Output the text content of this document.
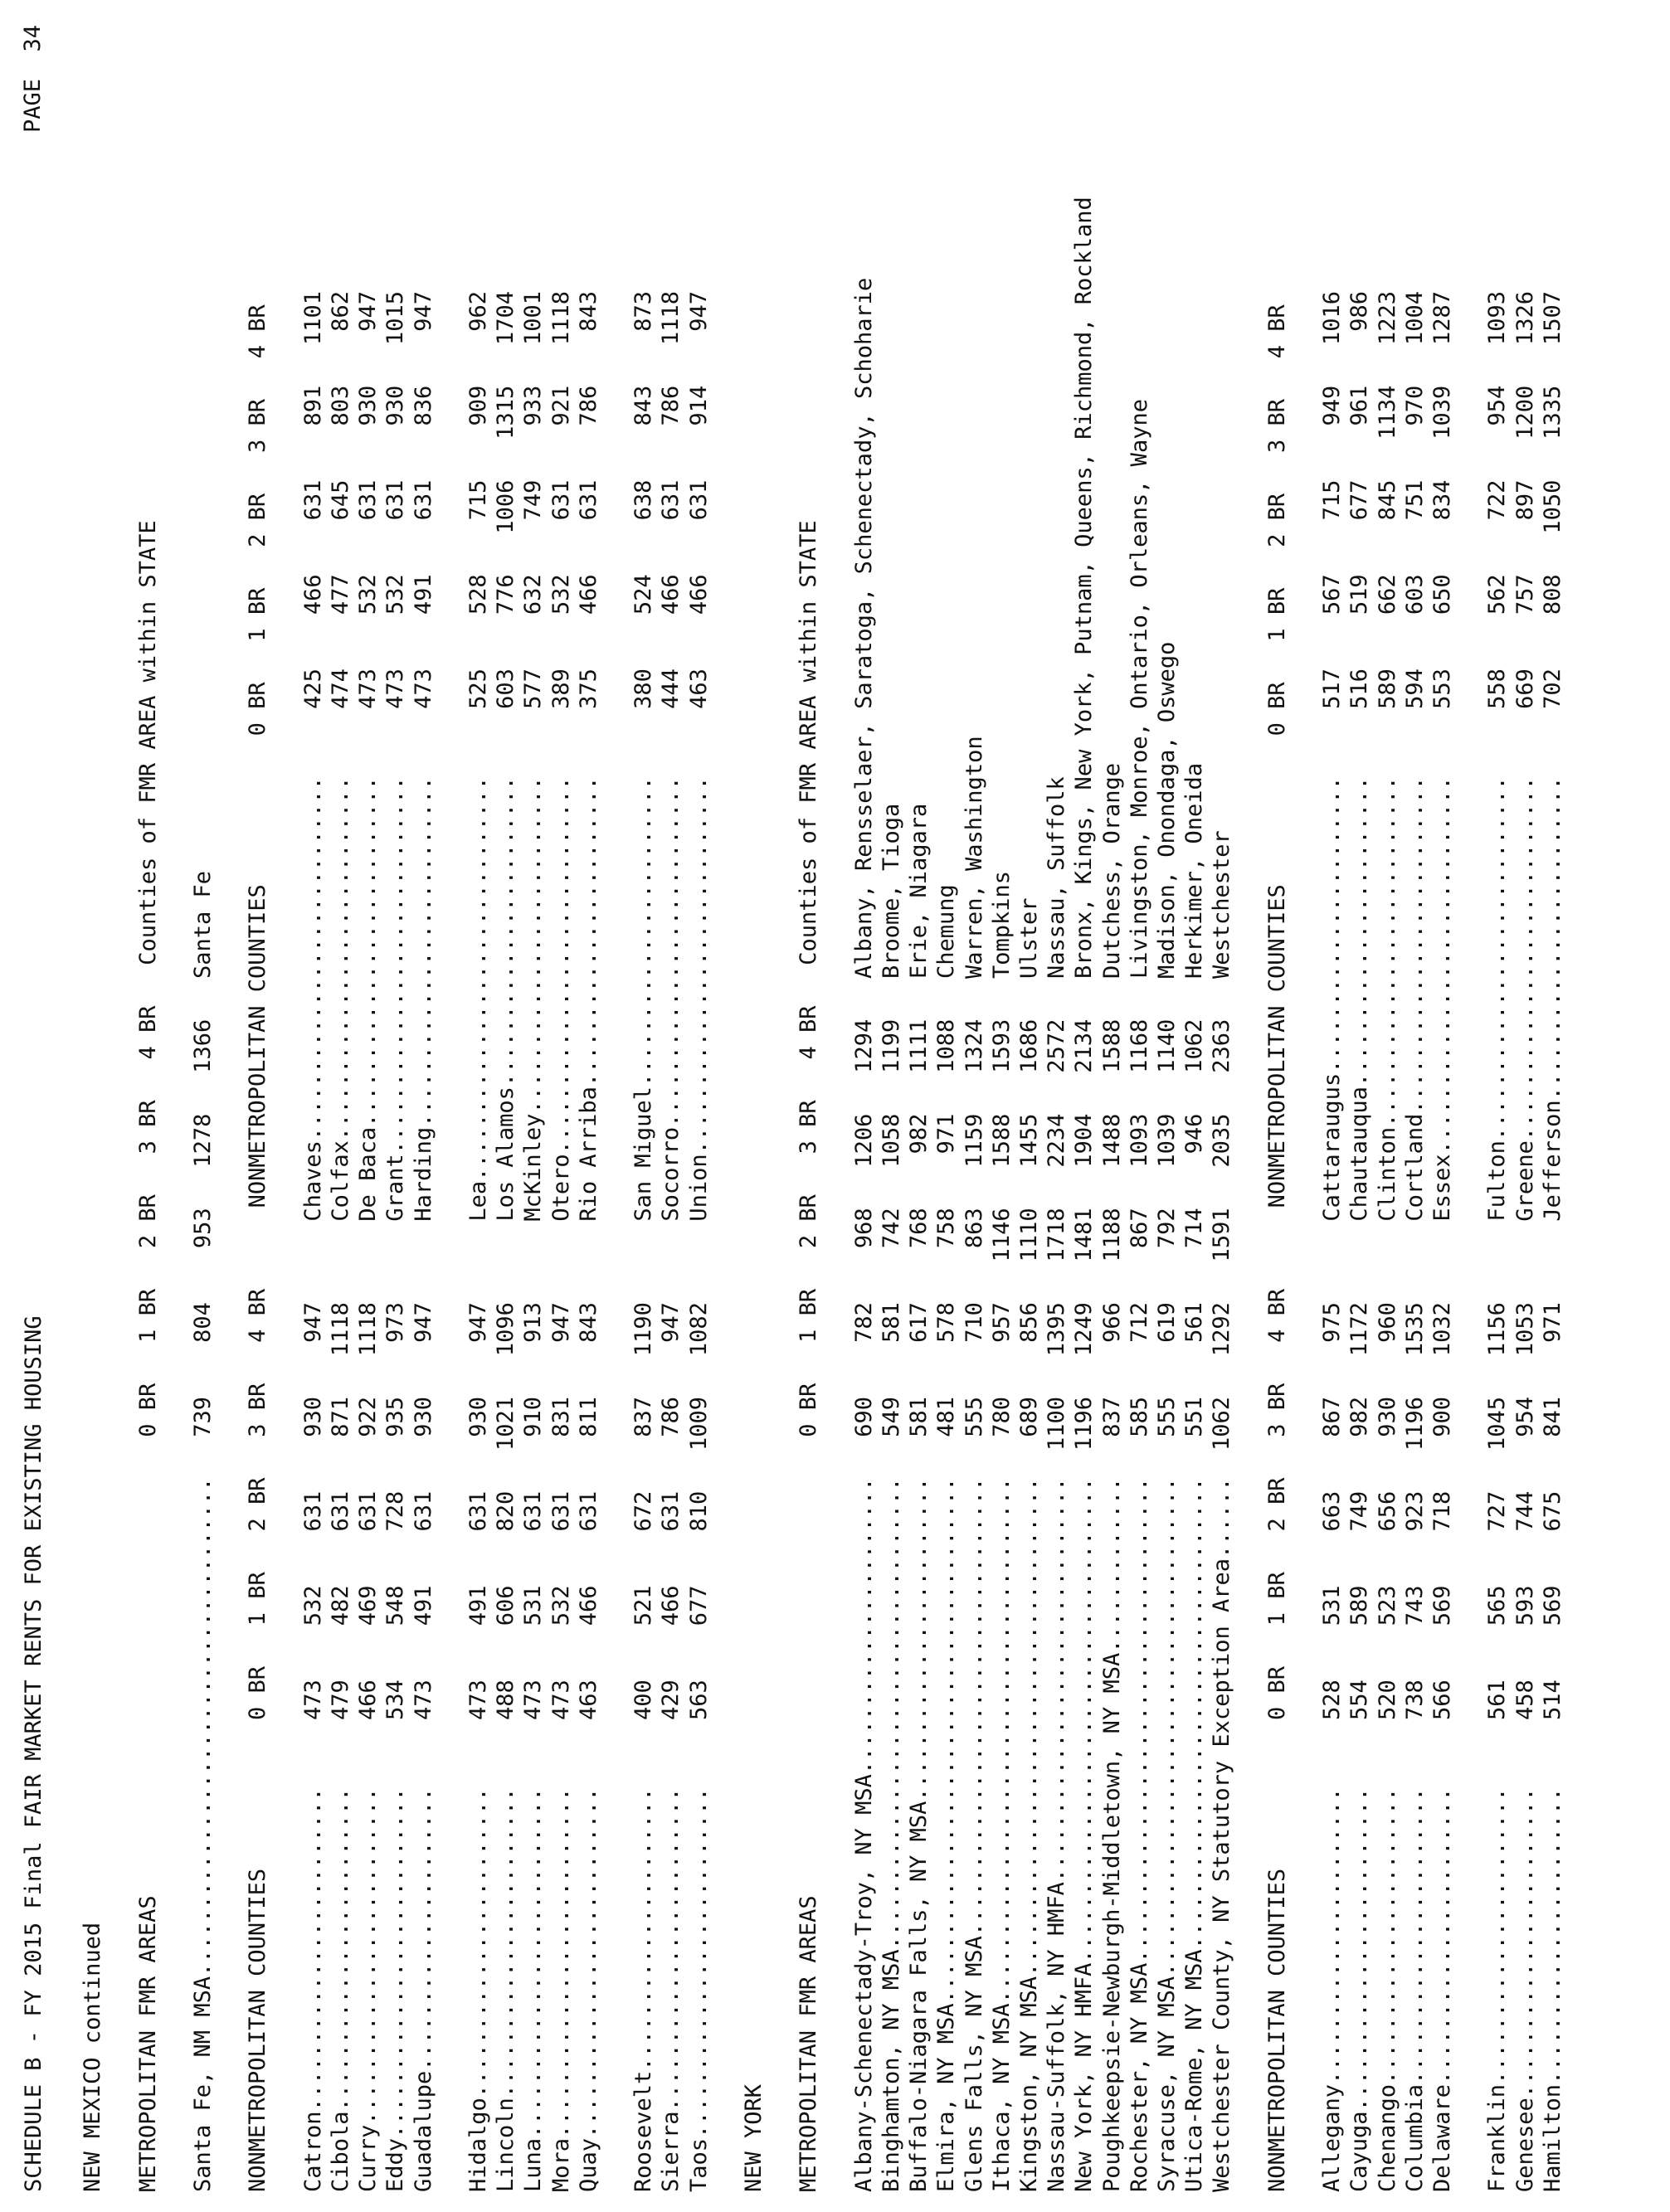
SCHEDULE B - FY 2015 Final FAIR MARKET RENTS FOR EXISTING HOUSING

PAGE  34

NEW MEXICO continued METROPOLITAN FMR AREAS                                  0 BR   1 BR   2 BR   3 BR   4 BR   Counties of FMR AREA within STATE Santa Fe, NM MSA.....................................   739    804    953   1278   1366   Santa Fe NONMETROPOLITAN COUNTIES           0 BR   1 BR   2 BR   3 BR   4 BR      NONMETROPOLITAN COUNTIES           0 BR   1 BR   2 BR   3 BR   4 BR Catron........................     473    532    631    930    947      Chaves...........................     425    466    631    891   1101 Cibola........................     479    482    631    871   1118      Colfax...........................     474    477    645    803    862 Curry.........................     466    469    631    922   1118      De Baca..........................     473    532    631    930    947 Eddy..........................     534    548    728    935    973      Grant............................     473    532    631    930   1015 Guadalupe.....................     473    491    631    930    947      Harding..........................     473    491    631    836    947 Hidalgo.......................     473    491    631    930    947      Lea..............................     525    528    715    909    962 Lincoln.......................     488    606    820   1021   1096      Los Alamos.......................     603    776   1006   1315   1704 Luna..........................     473    531    631    910    913      McKinley.........................     577    632    749    933   1001 Mora..........................     473    532    631    831    947      Otero............................     389    532    631    921   1118 Quay..........................     463    466    631    811    843      Rio Arriba.......................     375    466    631    786    843 Roosevelt.....................     400    521    672    837   1190      San Miguel.......................     380    524    638    843    873 Sierra........................     429    466    631    786    947      Socorro..........................     444    466    631    786   1118 Taos..........................     563    677    810   1009   1082      Union............................     463    466    631    914    947 NEW YORK METROPOLITAN FMR AREAS                                  0 BR   1 BR   2 BR   3 BR   4 BR   Counties of FMR AREA within STATE Albany-Schenectady-Troy, NY MSA......................   690    782    968   1206   1294   Albany, Rensselaer, Saratoga, Schenectady, Schoharie Binghamton, NY MSA...................................   549    581    742   1058   1199   Broome, Tioga Buffalo-Niagara Falls, NY MSA........................   581    617    768    982   1111   Erie, Niagara Elmira, NY MSA.......................................   481    578    758    971   1088   Chemung Glens Falls, NY MSA..................................   555    710    863   1159   1324   Warren, Washington Ithaca, NY MSA.......................................   780    957   1146   1588   1593   Tompkins Kingston, NY MSA.....................................   689    856   1110   1455   1686   Ulster Nassau-Suffolk, NY HMFA..............................  1100   1395   1718   2234   2572   Nassau, Suffolk New York, NY HMFA....................................  1196   1249   1481   1904   2134   Bronx, Kings, New York, Putnam, Queens, Richmond, Rockland Poughkeepsie-Newburgh-Middletown, NY MSA.............   837    966   1188   1488   1588   Dutchess, Orange Rochester, NY MSA....................................   585    712    867   1093   1168   Livingston, Monroe, Ontario, Orleans, Wayne Syracuse, NY MSA.....................................   555    619    792   1039   1140   Madison, Onondaga, Oswego Utica-Rome, NY MSA...................................   551    561    714    946   1062   Herkimer, Oneida Westchester County, NY Statutory Exception Area......  1062   1292   1591   2035   2363   Westchester NONMETROPOLITAN COUNTIES           0 BR   1 BR   2 BR   3 BR   4 BR      NONMETROPOLITAN COUNTIES           0 BR   1 BR   2 BR   3 BR   4 BR Allegany......................     528    531    663    867    975      Cattaraugus......................     517    567    715    949   1016 Cayuga........................     554    589    749    982   1172      Chautauqua.......................     516    519    677    961    986 Chenango......................     520    523    656    930    960      Clinton..........................     589    662    845   1134   1223 Columbia......................     738    743    923   1196   1535      Cortland.........................     594    603    751    970   1004 Delaware......................     566    569    718    900   1032      Essex............................     553    650    834   1039   1287 Franklin......................     561    565    727   1045   1156      Fulton...........................     558    562    722    954   1093 Genesee.......................     458    593    744    954   1053      Greene...........................     669    757    897   1200   1326 Hamilton......................     514    569    675    841    971      Jefferson........................     702    808   1050   1335   1507
